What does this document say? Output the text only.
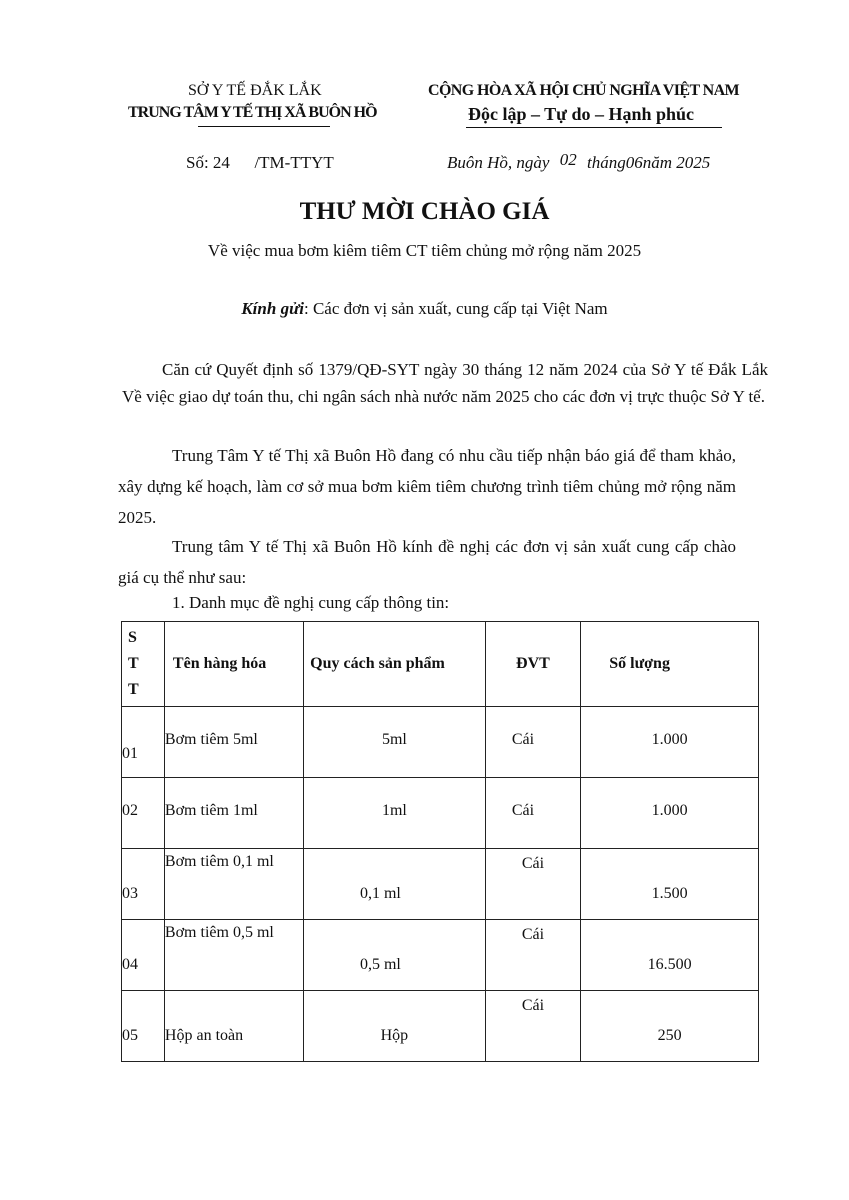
SỞ Y TẾ ĐẮK LẮK
TRUNG TÂM Y TẾ THỊ XÃ BUÔN HỒ
CỘNG HÒA XÃ HỘI CHỦ NGHĨA VIỆT NAM
Độc lập – Tự do – Hạnh phúc
Số: 24 /TM-TTYT	Buôn Hồ, ngày 02 tháng06năm 2025
THƯ MỜI CHÀO GIÁ
Về việc mua bơm kiêm tiêm CT tiêm chủng mở rộng năm 2025
Kính gửi: Các đơn vị sản xuất, cung cấp tại Việt Nam
Căn cứ Quyết định số 1379/QĐ-SYT ngày 30 tháng 12 năm 2024 của Sở Y tế Đắk Lắk Về việc giao dự toán thu, chi ngân sách nhà nước năm 2025 cho các đơn vị trực thuộc Sở Y tế.
Trung Tâm Y tế Thị xã Buôn Hồ đang có nhu cầu tiếp nhận báo giá để tham khảo, xây dựng kế hoạch, làm cơ sở mua bơm kiêm tiêm chương trình tiêm chủng mở rộng năm 2025.
Trung tâm Y tế Thị xã Buôn Hồ kính đề nghị các đơn vị sản xuất cung cấp chào giá cụ thể như sau:
1. Danh mục đề nghị cung cấp thông tin:
S
T
T	Tên hàng hóa	Quy cách sản phẩm	ĐVT	Số lượng

01	Bơm tiêm 5ml	5ml	Cái	1.000

02	Bơm tiêm 1ml	1ml	Cái	1.000

03	Bơm tiêm 0,1 ml	0,1 ml	Cái	1.500

04	Bơm tiêm 0,5 ml	0,5 ml	Cái	16.500

05	Hộp an toàn	Hộp	Cái	250
